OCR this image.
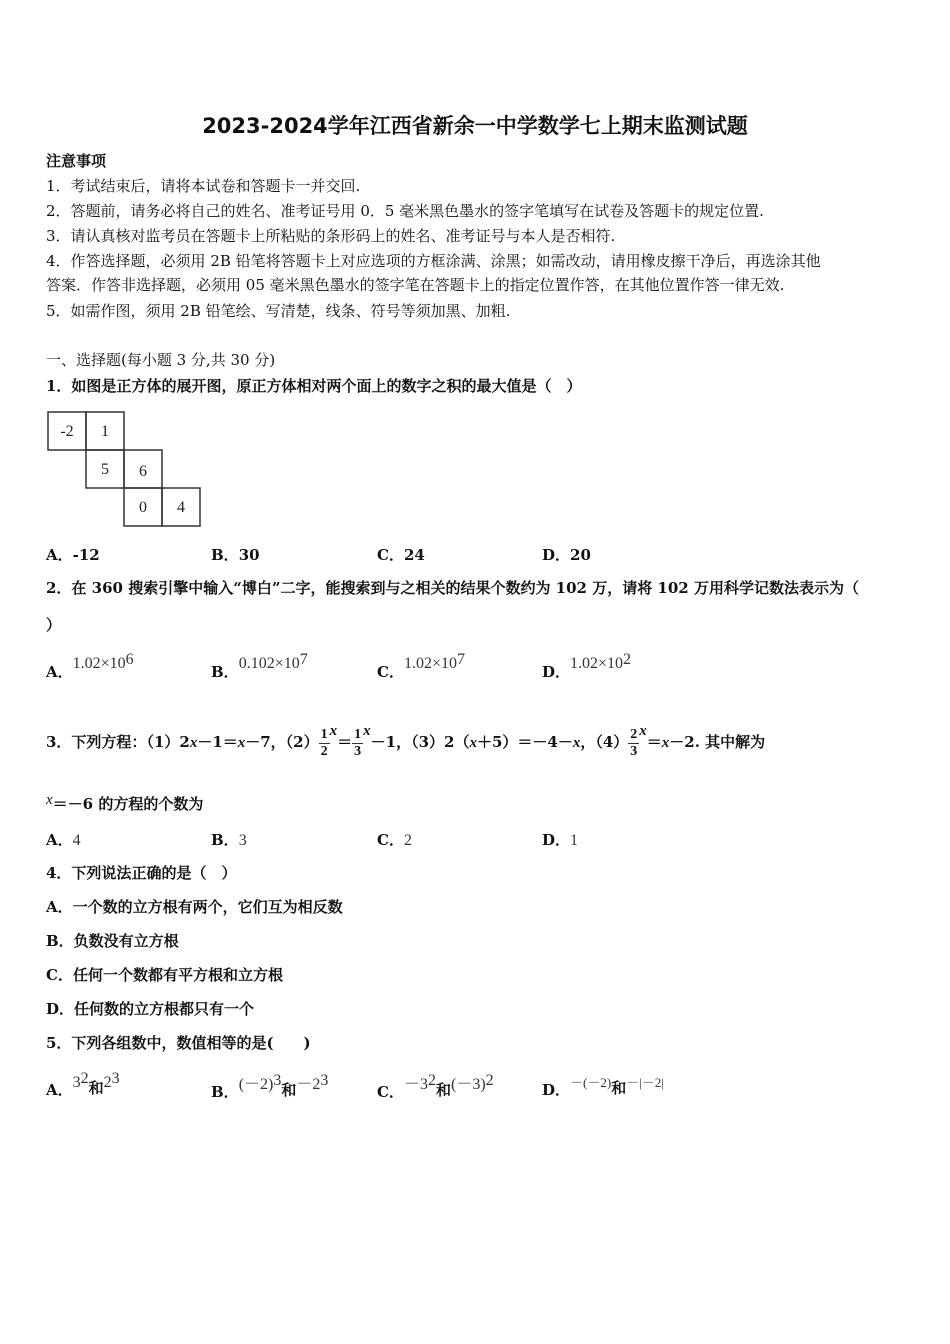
2023-2024学年江西省新余一中学数学七上期末监测试题
注意事项
1．考试结束后，请将本试卷和答题卡一并交回.
2．答题前，请务必将自己的姓名、准考证号用 0．5 毫米黑色墨水的签字笔填写在试卷及答题卡的规定位置.
3．请认真核对监考员在答题卡上所粘贴的条形码上的姓名、准考证号与本人是否相符.
4．作答选择题，必须用 2B 铅笔将答题卡上对应选项的方框涂满、涂黑；如需改动，请用橡皮擦干净后，再选涂其他
答案．作答非选择题，必须用 05 毫米黑色墨水的签字笔在答题卡上的指定位置作答，在其他位置作答一律无效.
5．如需作图，须用 2B 铅笔绘、写清楚，线条、符号等须加黑、加粗.
一、选择题(每小题 3 分,共 30 分)
1．如图是正方体的展开图，原正方体相对两个面上的数字之积的最大值是（　）
-2 1
5 6
0 4
A．-12	B．30	C．24	D．20
2．在 360 搜索引擎中输入“博白”二字，能搜索到与之相关的结果个数约为 102 万，请将 102 万用科学记数法表示为（
）
A．$1.02\times 10^6$
B．$0.102\times 10^7$
C．$1.02\times 10^7$
D．$1.02\times 10^2$
3．下列方程：（1）2x－1＝x－7，$(2) \frac{1}{2} x= \frac{1}{3} x-1$，（3）2（x＋5）＝－4－x，$(4) \frac{2}{3} x=x-2$. 其中解为
x＝－6 的方程的个数为
A．4	B．3	C．2	D．1
4．下列说法正确的是（　）
A．一个数的立方根有两个，它们互为相反数
B．负数没有立方根
C．任何一个数都有平方根和立方根
D．任何数的立方根都只有一个
5．下列各组数中，数值相等的是(　　)
A．$3^2$和$2^3$
B．$(-2)^3$和$-2^3$
C．$-3^2$和$(-3)^2$
D．－(－2)和－|－2|
